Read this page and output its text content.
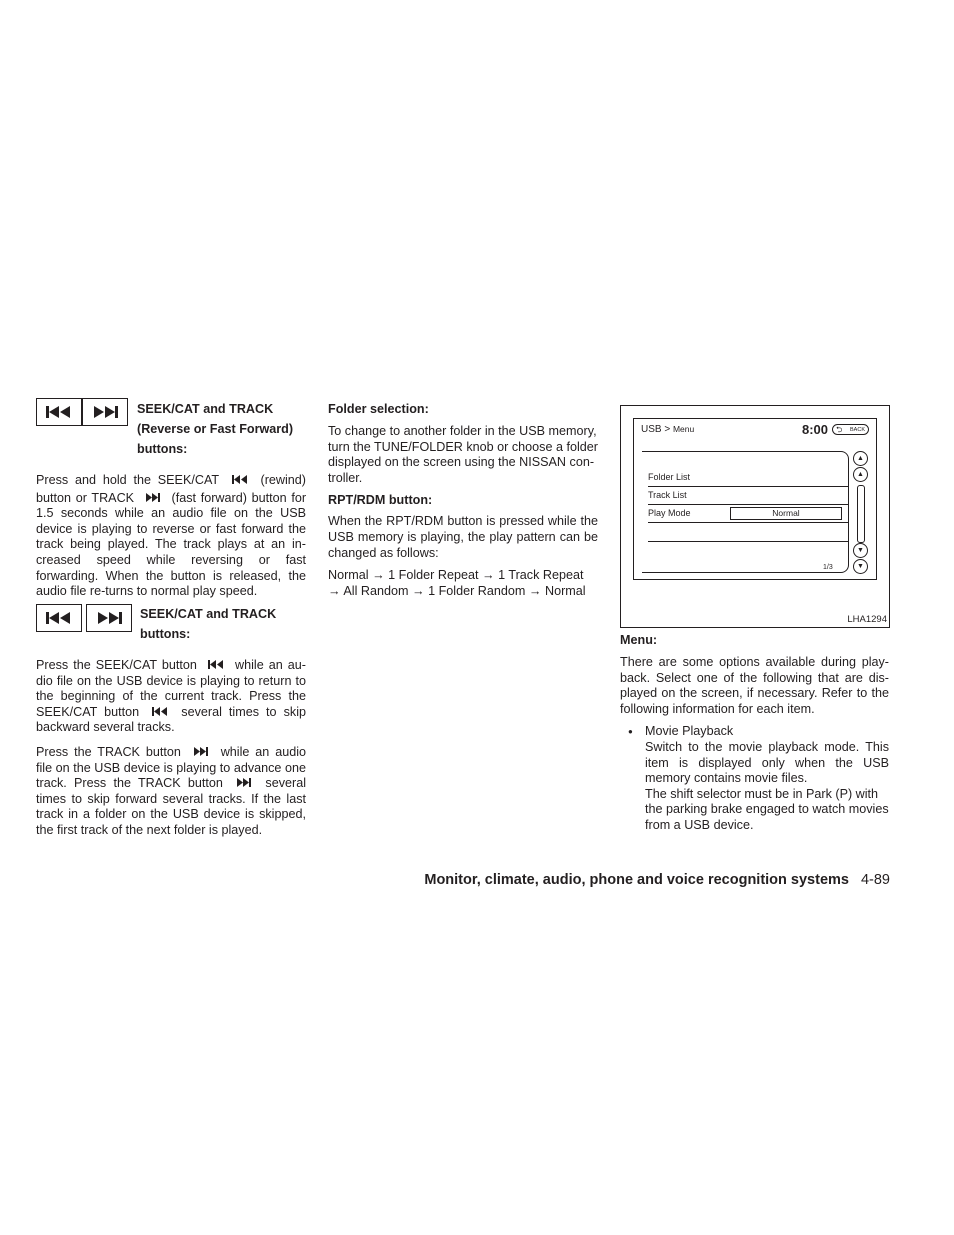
SEEK/CAT and TRACK
(Reverse or Fast Forward)
buttons:

Press and hold the SEEK/CAT	(rewind)

button or TRACK	(fast forward) button for

1.5 seconds while an audio file on the USB device is playing to reverse or fast forward the track being played. The track plays at an in-creased speed while reversing or fast forwarding. When the button is released, the audio file re-turns to normal play speed.

SEEK/CAT and TRACK
buttons:

Press the SEEK/CAT button	while an au-dio file on the USB device is playing to return to the beginning of the current track. Press the SEEK/CAT button	several times to skip backward several tracks.

Press the TRACK button	while an audio file on the USB device is playing to advance one track. Press the TRACK button	several times to skip forward several tracks. If the last track in a folder on the USB device is skipped, the first track of the next folder is played.

Folder selection:

To change to another folder in the USB memory, turn the TUNE/FOLDER knob or choose a folder displayed on the screen using the NISSAN con-troller.

RPT/RDM button:

When the RPT/RDM button is pressed while the USB memory is playing, the play pattern can be changed as follows:

Normal → 1 Folder Repeat → 1 Track Repeat → All Random → 1 Folder Random → Normal

USB > Menu	8:00 ⮌ BACK
Folder List
Track List
Play Mode	Normal
▲
▲
▼
▼
1/3
LHA1294
Menu:

There are some options available during play-back. Select one of the following that are dis-played on the screen, if necessary. Refer to the following information for each item.

● Movie Playback

Switch to the movie playback mode. This item is displayed only when the USB memory contains movie files.

The shift selector must be in Park (P) with the parking brake engaged to watch movies from a USB device.

Monitor, climate, audio, phone and voice recognition systems 4-89
